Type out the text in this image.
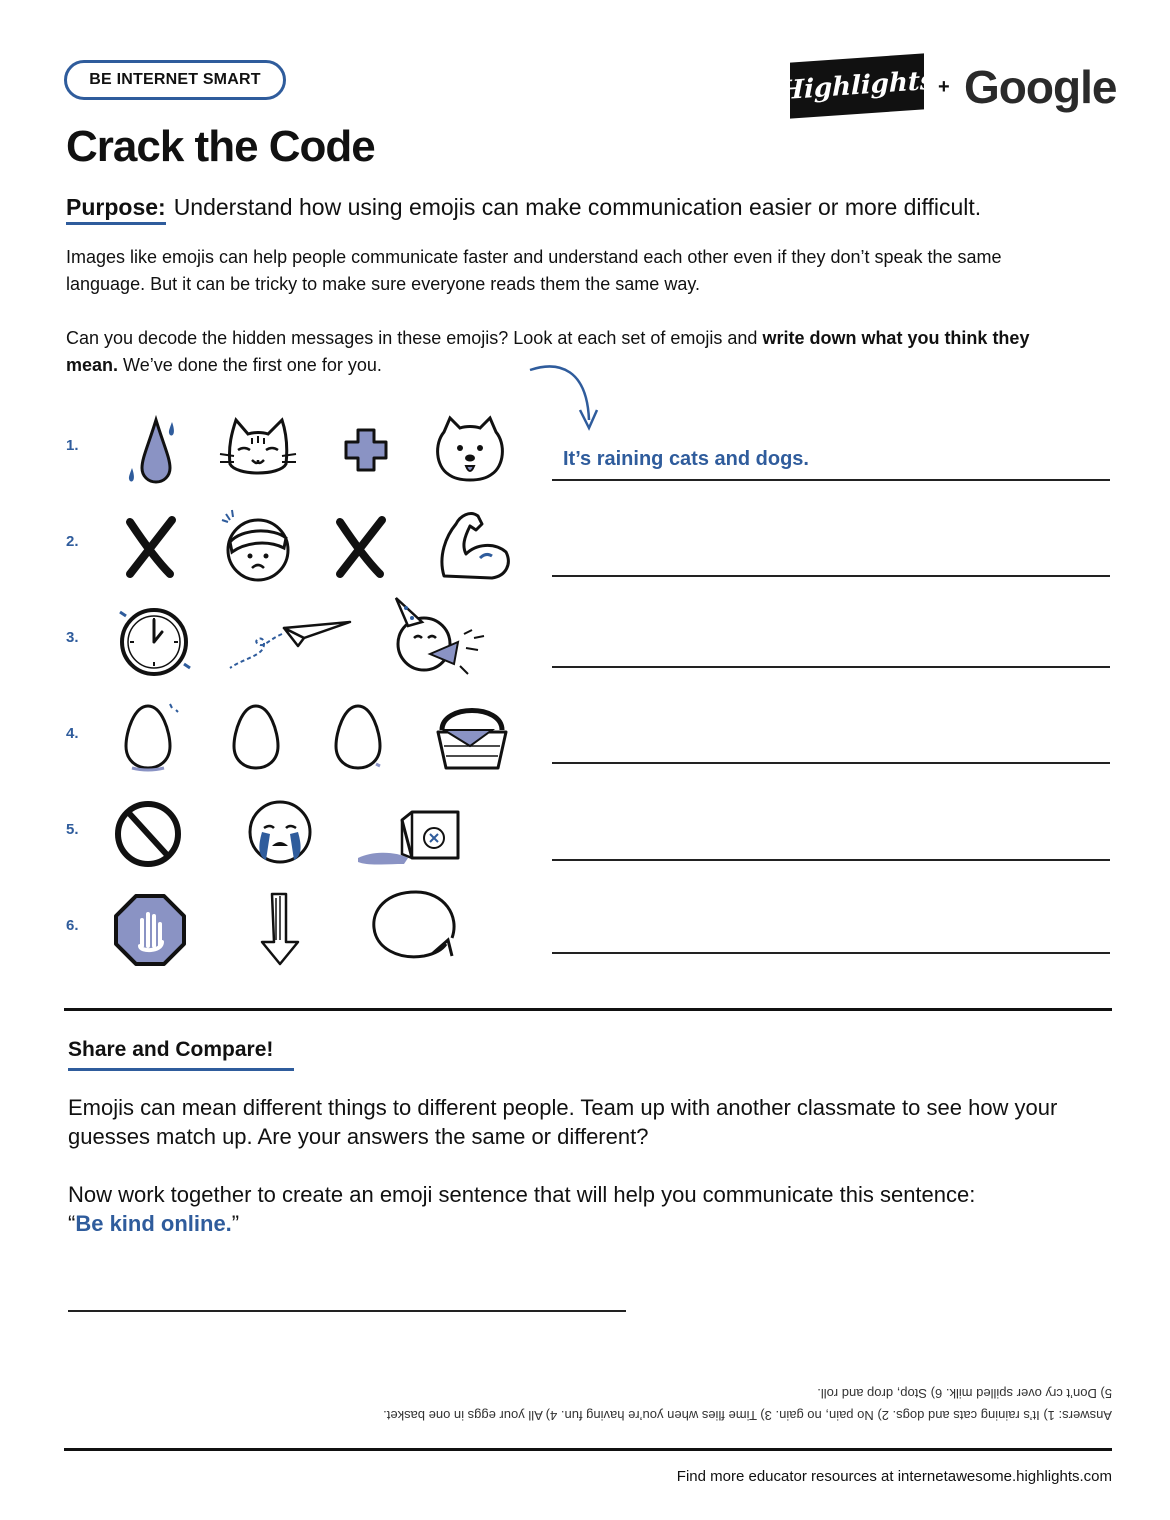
BE INTERNET SMART	Highlights + Google
Crack the Code
Purpose: Understand how using emojis can make communication easier or more difficult.
Images like emojis can help people communicate faster and understand each other even if they don’t speak the same language. But it can be tricky to make sure everyone reads them the same way.
Can you decode the hidden messages in these emojis? Look at each set of emojis and write down what you think they mean. We’ve done the first one for you.
1.
It’s raining cats and dogs.
2.
3.
4.
5.
6.
Share and Compare!
Emojis can mean different things to different people. Team up with another classmate to see how your guesses match up. Are your answers the same or different?
Now work together to create an emoji sentence that will help you communicate this sentence:
“Be kind online.”
Answers: 1) It’s raining cats and dogs. 2) No pain, no gain. 3) Time flies when you’re having fun. 4) All your eggs in one basket.
5) Don’t cry over spilled milk. 6) Stop, drop and roll.
Find more educator resources at internetawesome.highlights.com
